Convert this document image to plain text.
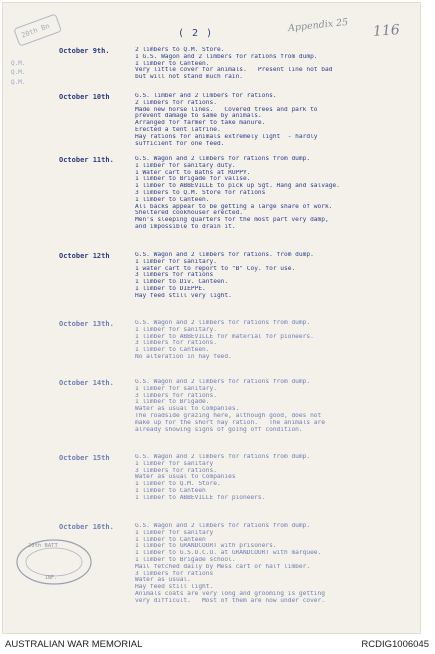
20th Bn	( 2 )	Appendix 25 116
Q.M.
Q.M.
Q.M.
October 9th.	2 limbers to Q.M. Store.
1 G.S. Wagon and 2 limbers for rations from dump.
1 limber to Canteen.
Very little cover for animals.   Present line not bad
but will not stand much rain.
October 10th	G.S. limber and 2 limbers for rations.
2 limbers for rations.
Made new horse lines.   Covered trees and park to
prevent damage to same by animals.
Arranged for farmer to take manure.
Erected a tent latrine.
Hay rations for animals extremely light  - hardly
sufficient for one feed.
October 11th.	G.S. Wagon and 2 limbers for rations from dump.
1 limber for sanitary duty.
1 Water cart to Baths at RUPPY.
1 limber to Brigade for valise.
1 limber to ABBEVILLE to pick up Sgt. Hang and salvage.
3 limbers to Q.M. Store for rations
1 limber to Canteen.
All backs appear to be getting a large share of work.
Sheltered cookhouser erected.
Men's sleeping quarters for the most part very damp,
and impossible to drain it.
October 12th	G.S. Wagon and 2 limbers for rations. from dump.
1 limber for sanitary.
1 water cart to report to "B" Coy. for use.
3 limbers for rations
1 limber to Div. Canteen.
1 limber to DIEPPE.
Hay feed still very light.
October 13th.	G.S. Wagon and 2 limbers for rations from dump.
1 limber for sanitary.
1 limber to ABBEVILLE for material for pioneers.
3 limbers for rations.
1 limber to Canteen.
No alteration in hay feed.
October 14th.	G.S. Wagon and 2 limbers for rations from dump.
1 limber for sanitary.
3 limbers for rations.
1 limber to Brigade.
Water as usual to Companies.
The roadside grazing here, although good, does not
make up for the short hay ration.   The animals are
already showing signs of going off condition.
October 15th	G.S. Wagon and 2 limbers for rations from dump.
1 limber for sanitary
3 limbers for rations.
Water as usual to Companies
1 limber to Q.M. Store.
1 limber to Canteen
1 limber to ABBEVILLE for pioneers.
October 16th.	G.S. Wagon and 2 limbers for rations from dump.
1 limber for sanitary
1 limber to Canteen
1 limber to GRANDCOURT with prisoners.
1 limber to G.S.O.C.O. at GRANDCOURT with marquee.
1 limber to Brigade school.
Mail fetched daily by Mess cart or half limber.
3 limbers for rations
Water as usual.
Hay feed still light.
Animals coats are very long and grooming is getting
very difficult.   Most of them are now under cover.
20th BATT
INF.
AUSTRALIAN WAR MEMORIAL	RCDIG1006045
